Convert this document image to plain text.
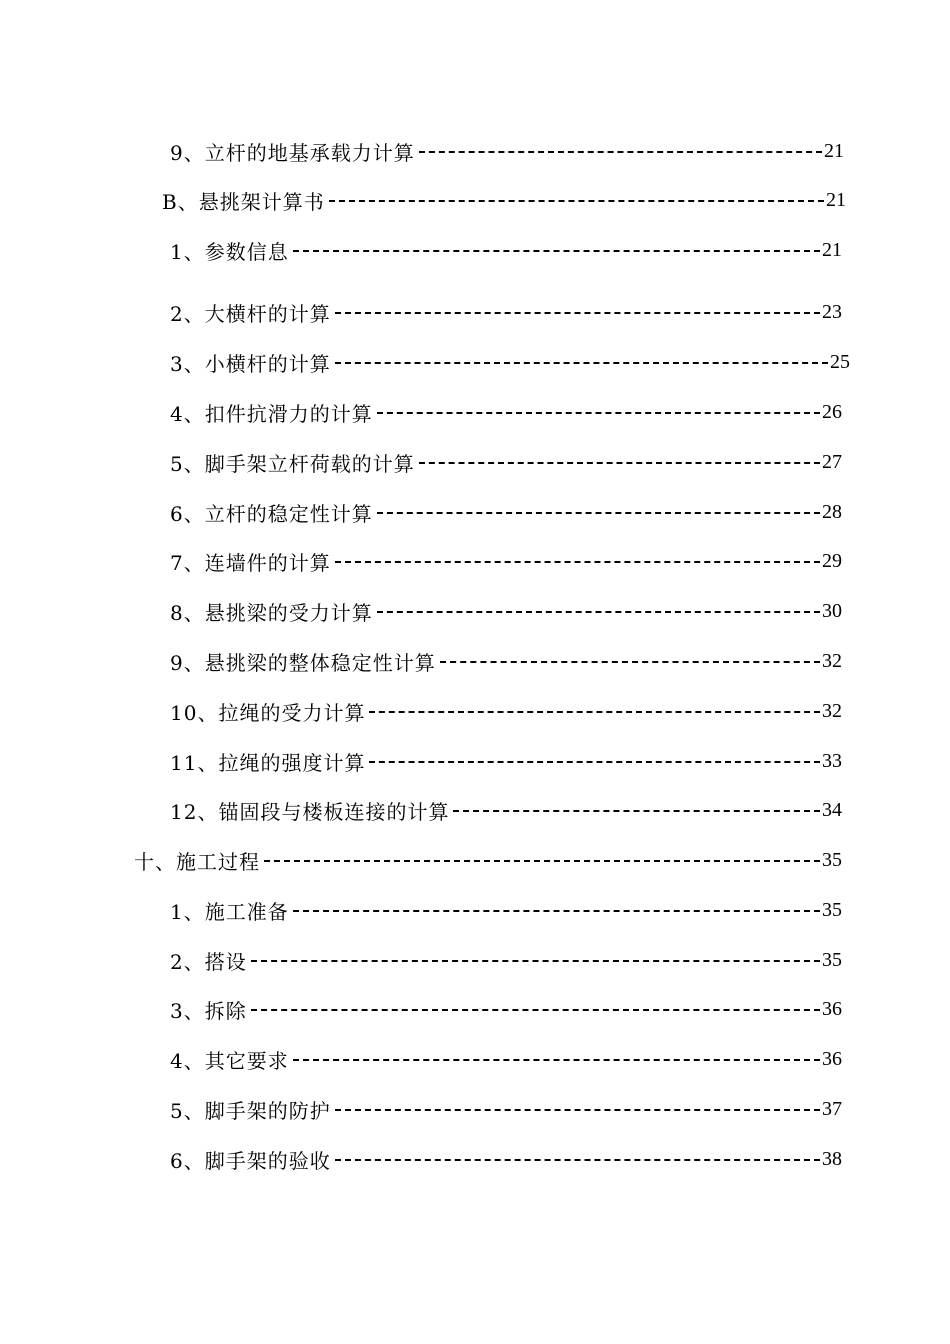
9、立杆的地基承载力计算	21
B、悬挑架计算书	21
1、参数信息	21
2、大横杆的计算	23
3、小横杆的计算	25
4、扣件抗滑力的计算	26
5、脚手架立杆荷载的计算	27
6、立杆的稳定性计算	28
7、连墙件的计算	29
8、悬挑梁的受力计算	30
9、悬挑梁的整体稳定性计算	32
10、拉绳的受力计算	32
11、拉绳的强度计算	33
12、锚固段与楼板连接的计算	34
十、施工过程	35
1、施工准备	35
2、搭设	35
3、拆除	36
4、其它要求	36
5、脚手架的防护	37
6、脚手架的验收	38
